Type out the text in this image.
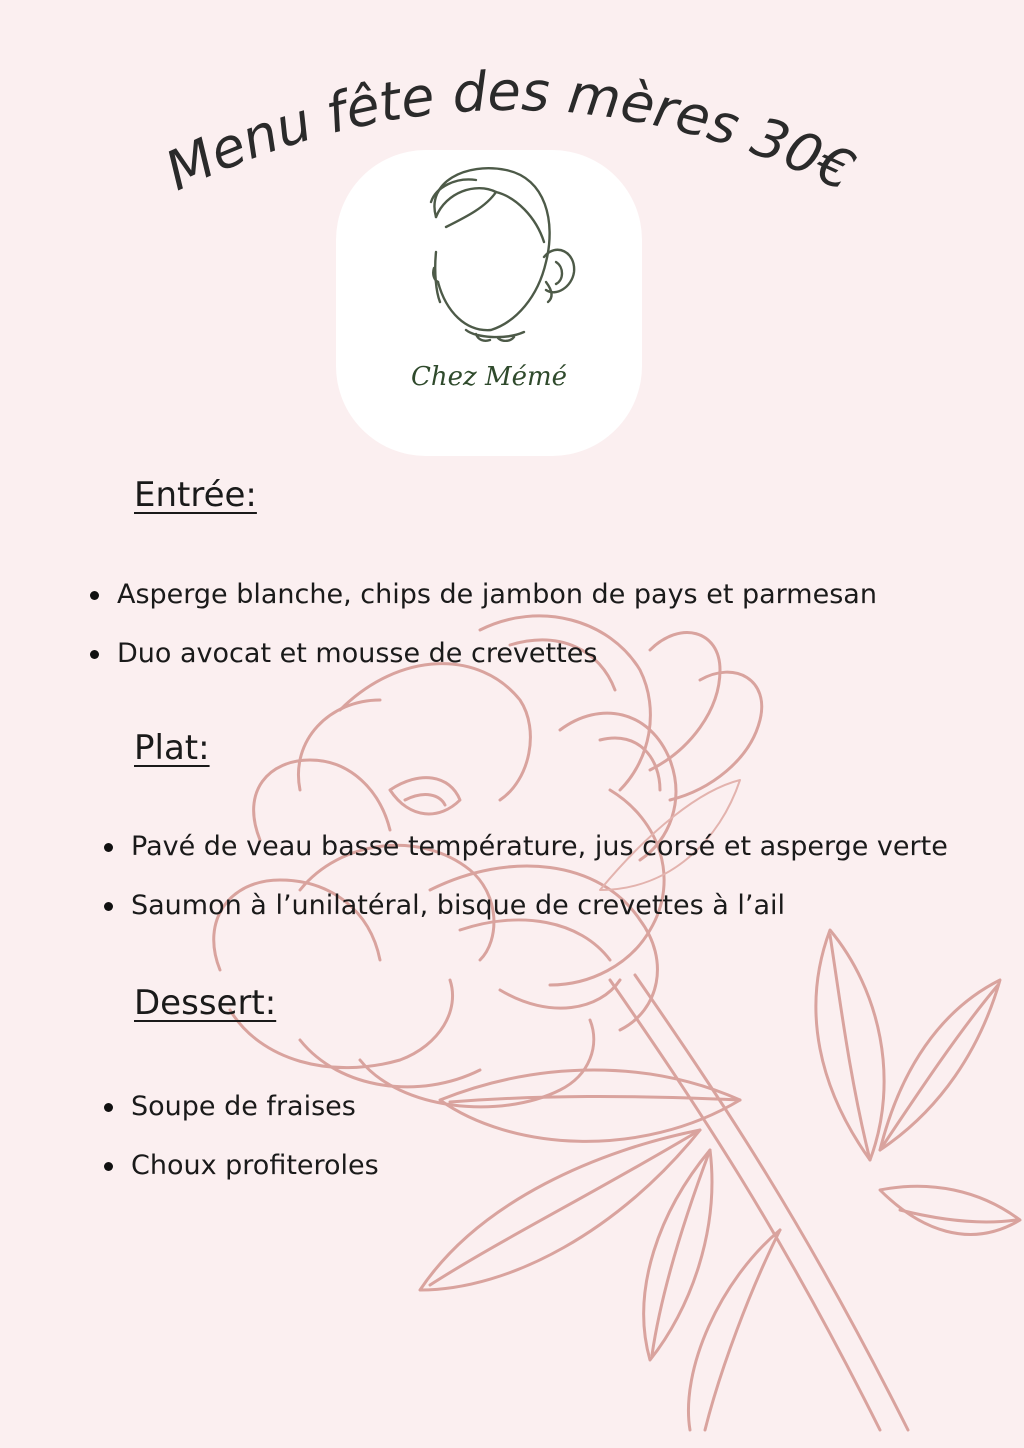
Menu fête des mères 30€
Chez Mémé
Entrée:
Asperge blanche, chips de jambon de pays et parmesan
Duo avocat et mousse de crevettes
Plat:
Pavé de veau basse température, jus corsé et asperge verte
Saumon à l’unilatéral, bisque de crevettes à l’ail
Dessert:
Soupe de fraises
Choux profiteroles
